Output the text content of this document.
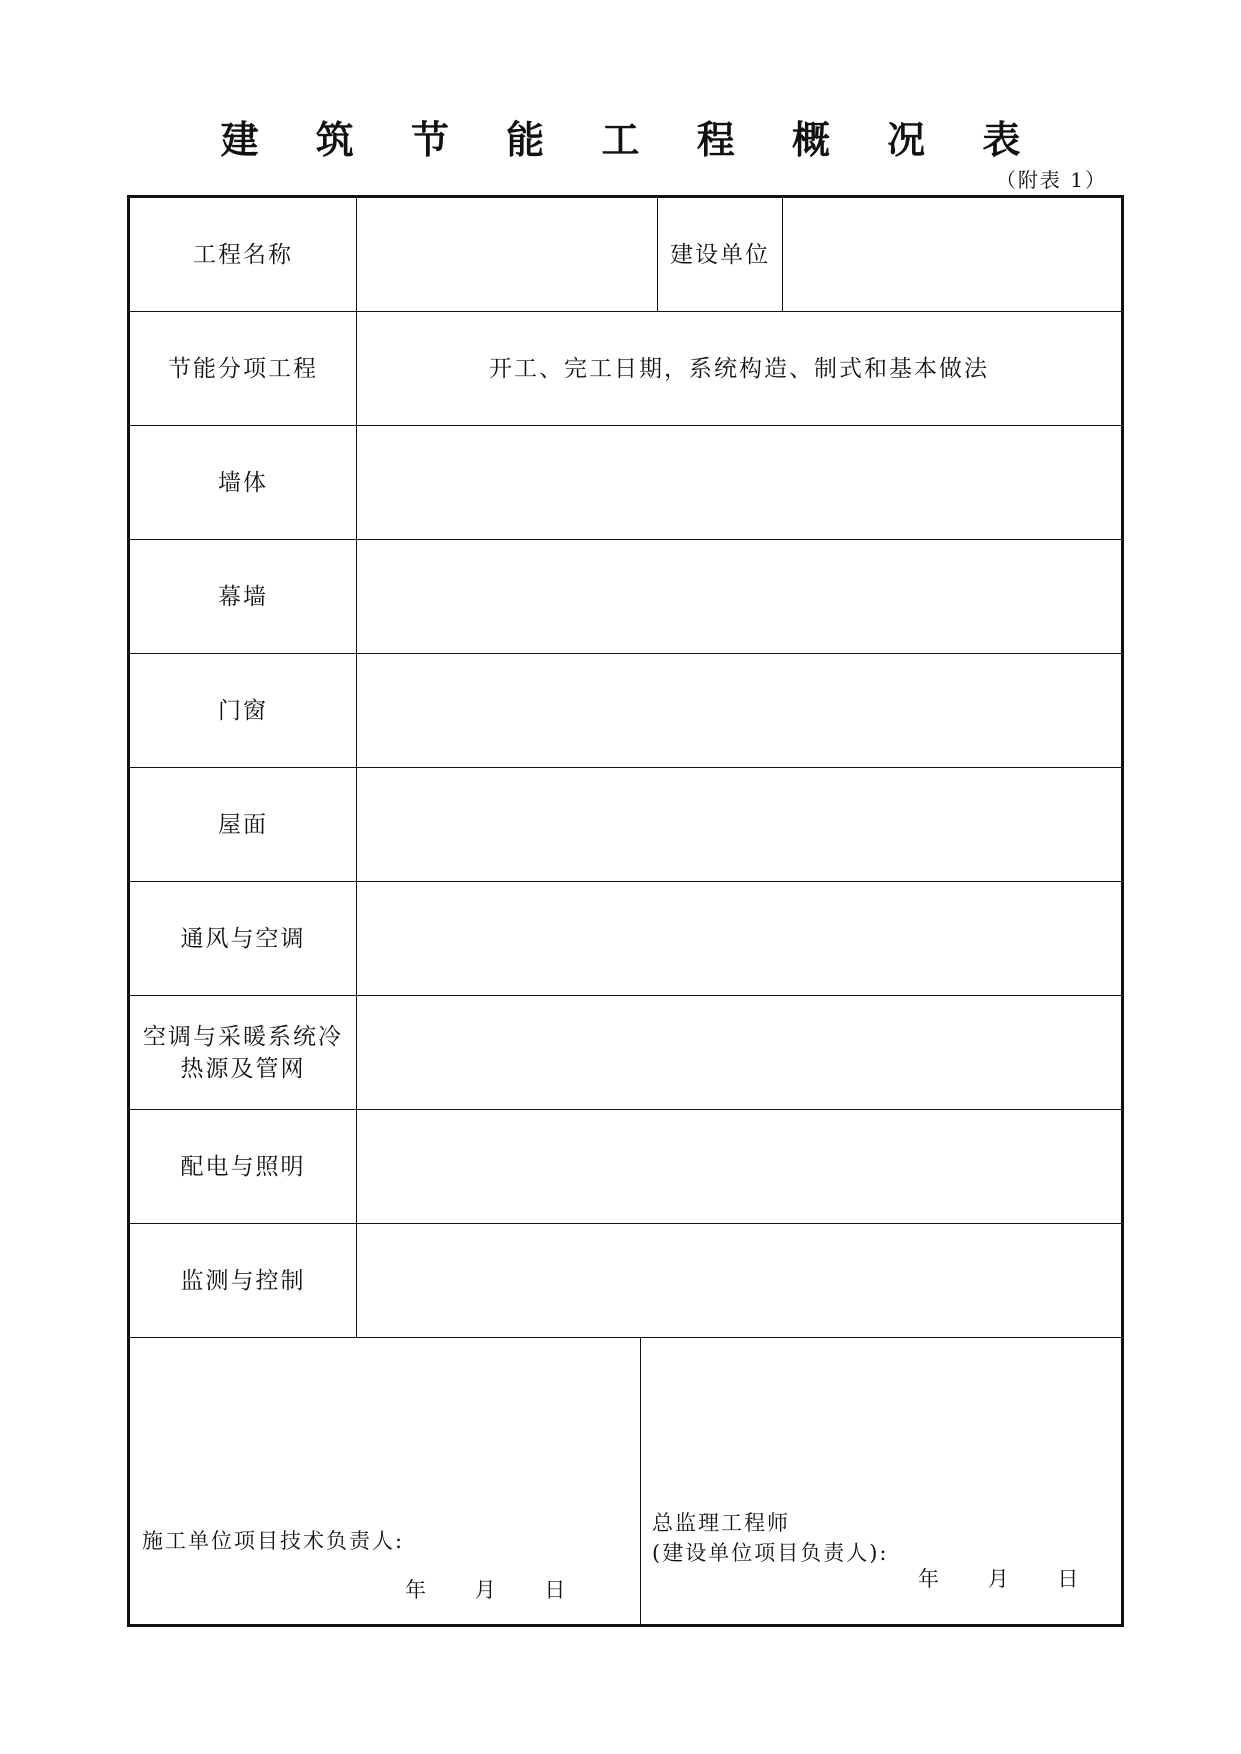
建 筑 节 能 工 程 概 况 表
（附表 1）
工程名称		建设单位	
节能分项工程	开工、完工日期，系统构造、制式和基本做法		
墙体			
幕墙			
门窗			
屋面			
通风与空调			
空调与采暖系统冷热源及管网			
配电与照明			
监测与控制			

施工单位项目技术负责人:
年 月 日
总监理工程师
(建设单位项目负责人):
年 月 日			
